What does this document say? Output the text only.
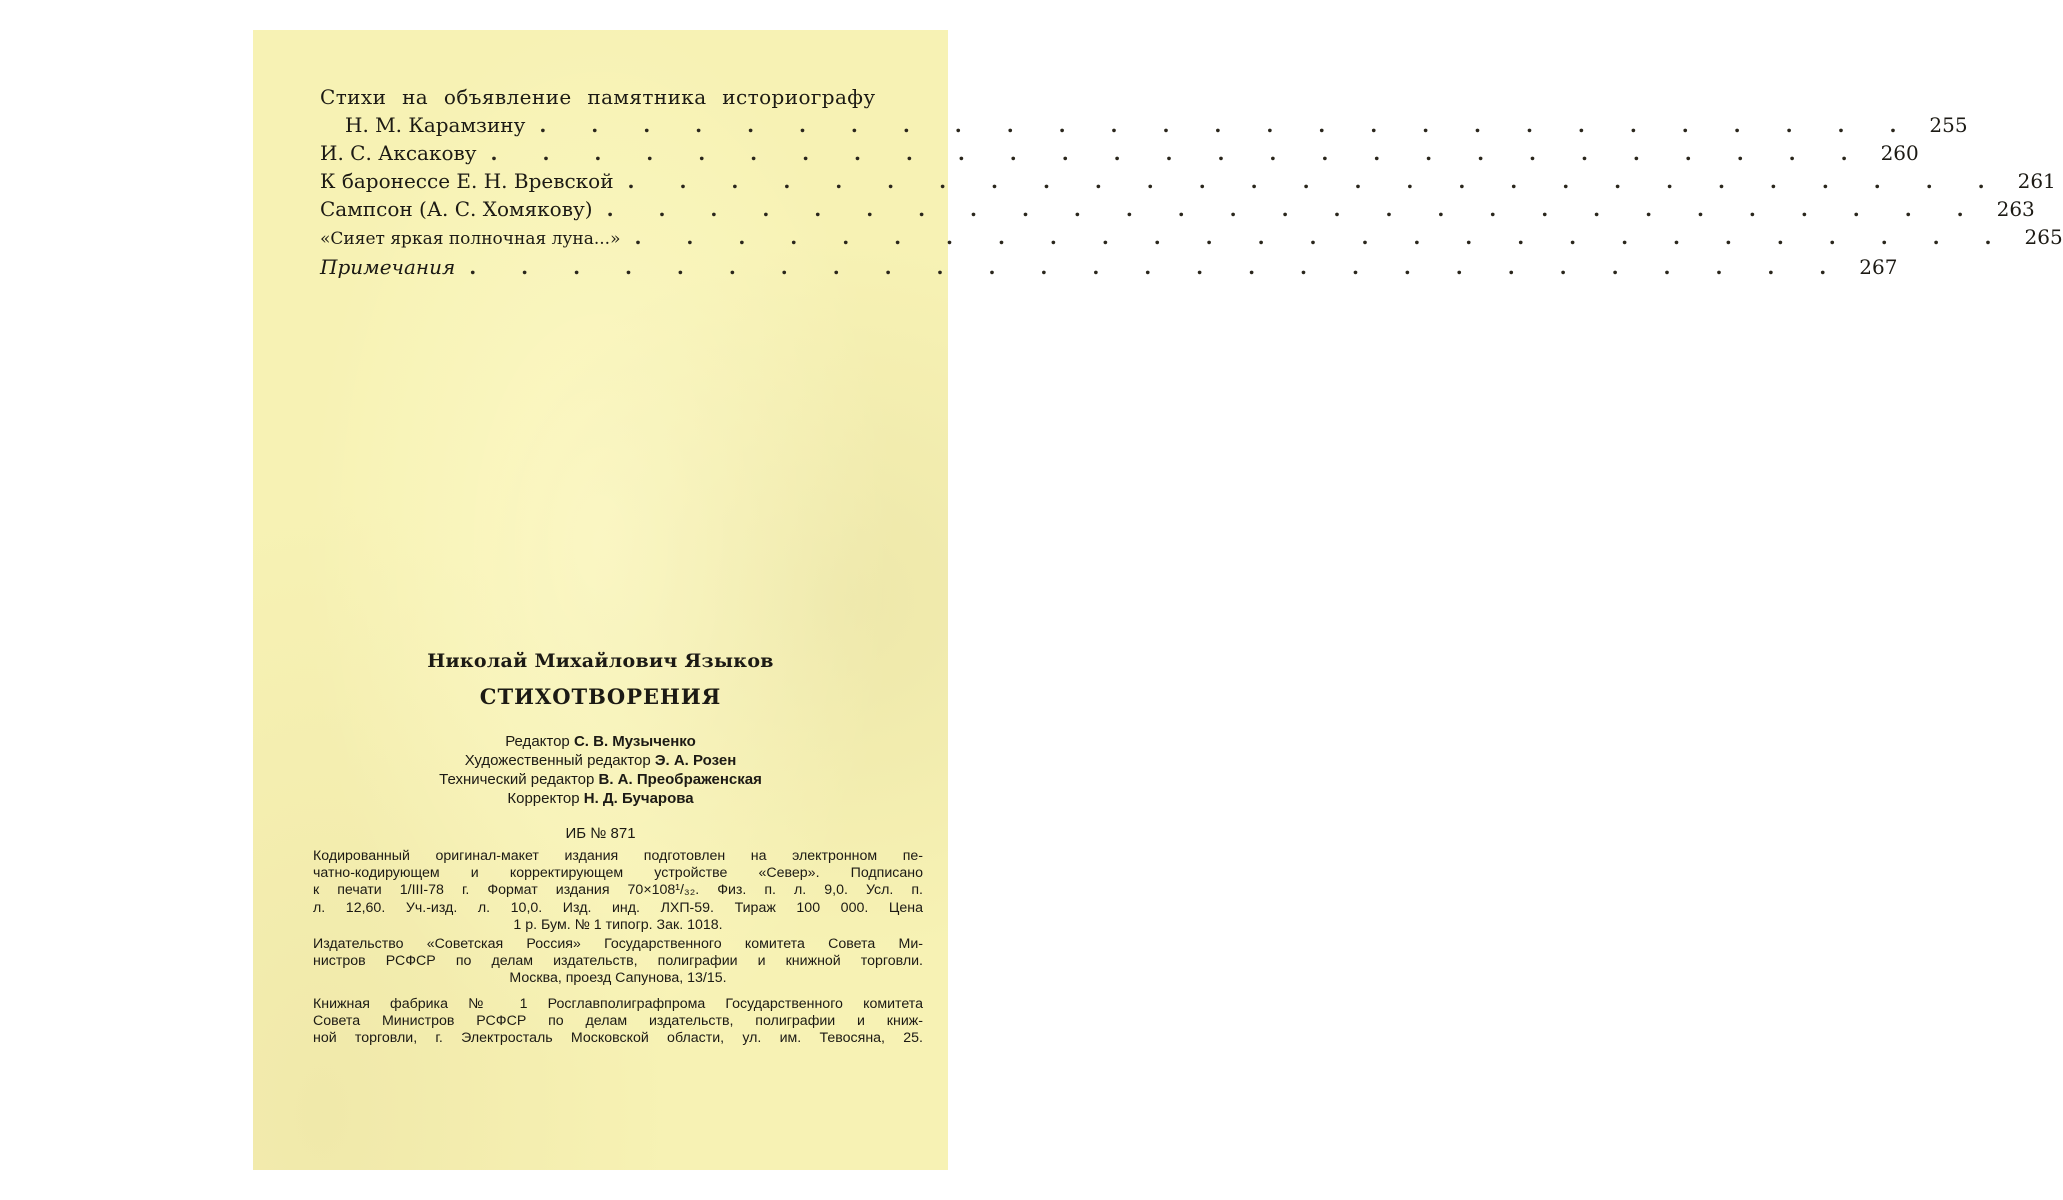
Стихи на объявление памятника историографу
Н. М. Карамзину . . . . . . . . . . . . . . . . . . . . . . . . . . . 255
И. С. Аксакову . . . . . . . . . . . . . . . . . . . . . . . . . . . 260
К баронессе Е. Н. Вревской . . . . . . . . . . . . . . . . . . . . . . . . . . . 261
Сампсон (А. С. Хомякову) . . . . . . . . . . . . . . . . . . . . . . . . . . . 263
«Сияет яркая полночная луна...» . . . . . . . . . . . . . . . . . . . . . . . . . . . 265
Примечания . . . . . . . . . . . . . . . . . . . . . . . . . . . 267
Николай Михайлович Языков
СТИХОТВОРЕНИЯ
Редактор С. В. Музыченко
Художественный редактор Э. А. Розен
Технический редактор В. А. Преображенская
Корректор Н. Д. Бучарова
ИБ № 871
Кодированный оригинал-макет издания подготовлен на электронном пе-
чатно-кодирующем и корректирующем устройстве «Север». Подписано
к печати 1/III-78 г. Формат издания 70×108¹/₃₂. Физ. п. л. 9,0. Усл. п.
л. 12,60. Уч.-изд. л. 10,0. Изд. инд. ЛХП-59. Тираж 100 000. Цена
1 р. Бум. № 1 типогр. Зак. 1018.
Издательство «Советская Россия» Государственного комитета Совета Ми-
нистров РСФСР по делам издательств, полиграфии и книжной торговли.
Москва, проезд Сапунова, 13/15.
Книжная фабрика № 1 Росглавполиграфпрома Государственного комитета
Совета Министров РСФСР по делам издательств, полиграфии и книж-
ной торговли, г. Электросталь Московской области, ул. им. Тевосяна, 25.
